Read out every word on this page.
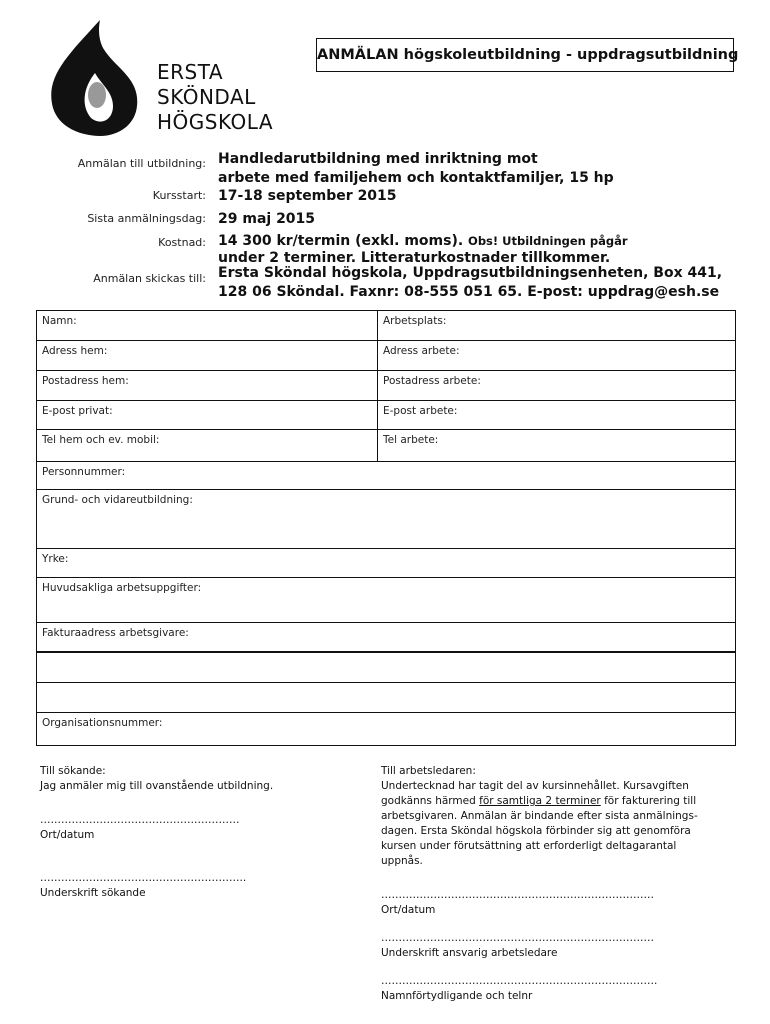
ERSTA
SKÖNDAL
HÖGSKOLA
ANMÄLAN högskoleutbildning - uppdragsutbildning
Anmälan till utbildning: Handledarutbildning med inriktning mot
arbete med familjehem och kontaktfamiljer, 15 hp
Kursstart: 17-18 september 2015
Sista anmälningsdag: 29 maj 2015
Kostnad: 14 300 kr/termin (exkl. moms). Obs! Utbildningen pågår
under 2 terminer. Litteraturkostnader tillkommer.
Anmälan skickas till: Ersta Sköndal högskola, Uppdragsutbildningsenheten, Box 441,
128 06 Sköndal. Faxnr: 08-555 051 65. E-post: uppdrag@esh.se
Namn:	Arbetsplats:
Adress hem:	Adress arbete:
Postadress hem:	Postadress arbete:
E-post privat:	E-post arbete:
Tel hem och ev. mobil:	Tel arbete:
Personnummer:
Grund- och vidareutbildning:
Yrke:
Huvudsakliga arbetsuppgifter:
Fakturaadress arbetsgivare:
Organisationsnummer:
Till sökande:
Jag anmäler mig till ovanstående utbildning.
…………………………………………………
Ort/datum
…………………………………………………..
Underskrift sökande
Till arbetsledaren:
Undertecknad har tagit del av kursinnehållet. Kursavgiften
godkänns härmed för samtliga 2 terminer för fakturering till
arbetsgivaren. Anmälan är bindande efter sista anmälnings-
dagen. Ersta Sköndal högskola förbinder sig att genomföra
kursen under förutsättning att erforderligt deltagarantal uppnås.
……………………………………………………………………
Ort/datum
……………………………………………………………………
Underskrift ansvarig arbetsledare
…………………………………………………………………….
Namnförtydligande och telnr
